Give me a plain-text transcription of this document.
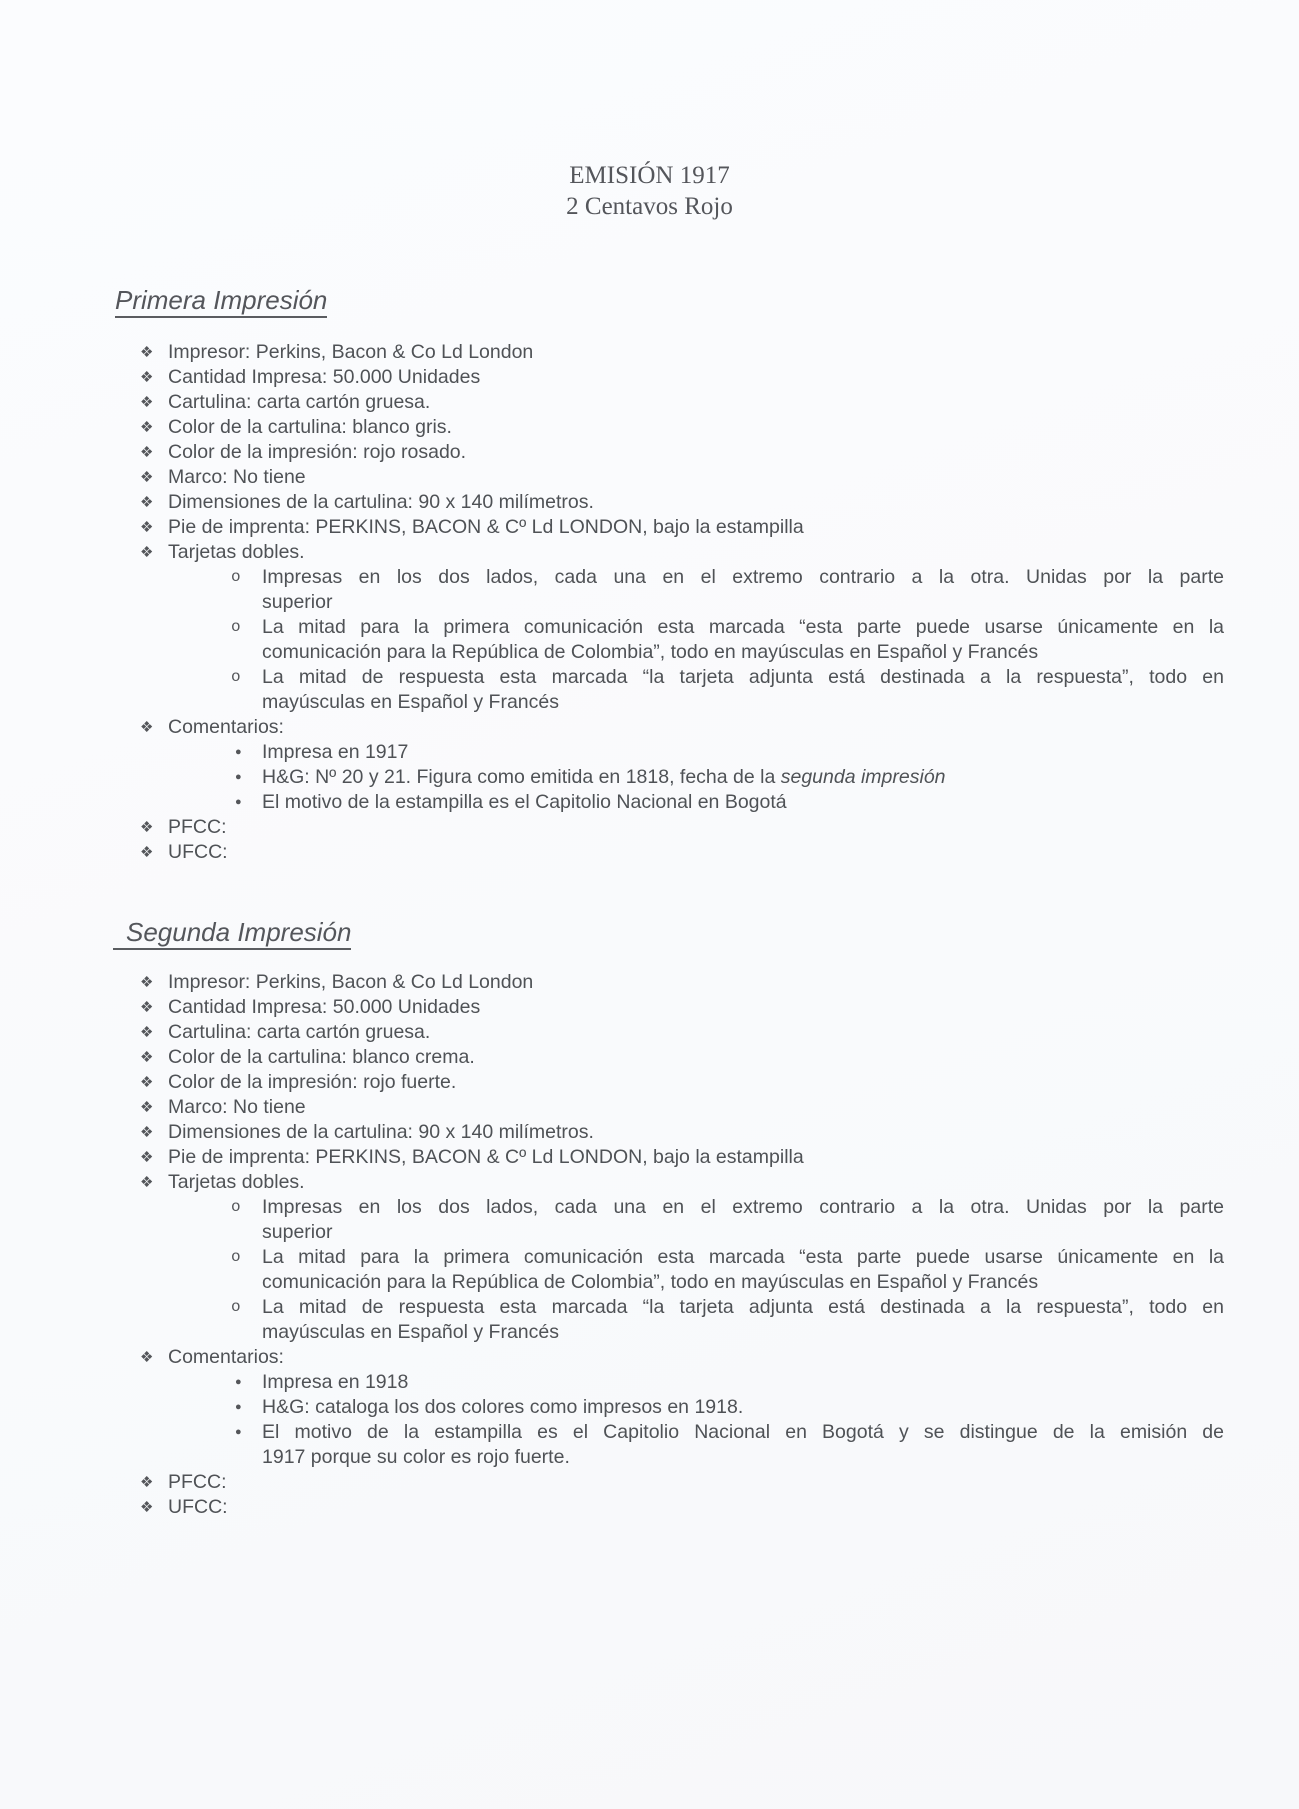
EMISIÓN 1917
2 Centavos Rojo
Primera Impresión
❖ Impresor: Perkins, Bacon & Co Ld London
❖ Cantidad Impresa: 50.000 Unidades
❖ Cartulina: carta cartón gruesa.
❖ Color de la cartulina: blanco gris.
❖ Color de la impresión: rojo rosado.
❖ Marco: No tiene
❖ Dimensiones de la cartulina: 90 x 140 milímetros.
❖ Pie de imprenta: PERKINS, BACON & Cº Ld LONDON, bajo la estampilla
❖ Tarjetas dobles.
o Impresas en los dos lados, cada una en el extremo contrario a la otra. Unidas por la parte
superior
o La mitad para la primera comunicación esta marcada “esta parte puede usarse únicamente en la
comunicación para la República de Colombia”, todo en mayúsculas en Español y Francés
o La mitad de respuesta esta marcada “la tarjeta adjunta está destinada a la respuesta”, todo en
mayúsculas en Español y Francés
❖ Comentarios:
● Impresa en 1917
● H&G: Nº 20 y 21. Figura como emitida en 1818, fecha de la segunda impresión
● El motivo de la estampilla es el Capitolio Nacional en Bogotá
❖ PFCC:
❖ UFCC:
Segunda Impresión
❖ Impresor: Perkins, Bacon & Co Ld London
❖ Cantidad Impresa: 50.000 Unidades
❖ Cartulina: carta cartón gruesa.
❖ Color de la cartulina: blanco crema.
❖ Color de la impresión: rojo fuerte.
❖ Marco: No tiene
❖ Dimensiones de la cartulina: 90 x 140 milímetros.
❖ Pie de imprenta: PERKINS, BACON & Cº Ld LONDON, bajo la estampilla
❖ Tarjetas dobles.
o Impresas en los dos lados, cada una en el extremo contrario a la otra. Unidas por la parte
superior
o La mitad para la primera comunicación esta marcada “esta parte puede usarse únicamente en la
comunicación para la República de Colombia”, todo en mayúsculas en Español y Francés
o La mitad de respuesta esta marcada “la tarjeta adjunta está destinada a la respuesta”, todo en
mayúsculas en Español y Francés
❖ Comentarios:
● Impresa en 1918
● H&G: cataloga los dos colores como impresos en 1918.
● El motivo de la estampilla es el Capitolio Nacional en Bogotá y se distingue de la emisión de
1917 porque su color es rojo fuerte.
❖ PFCC:
❖ UFCC:
